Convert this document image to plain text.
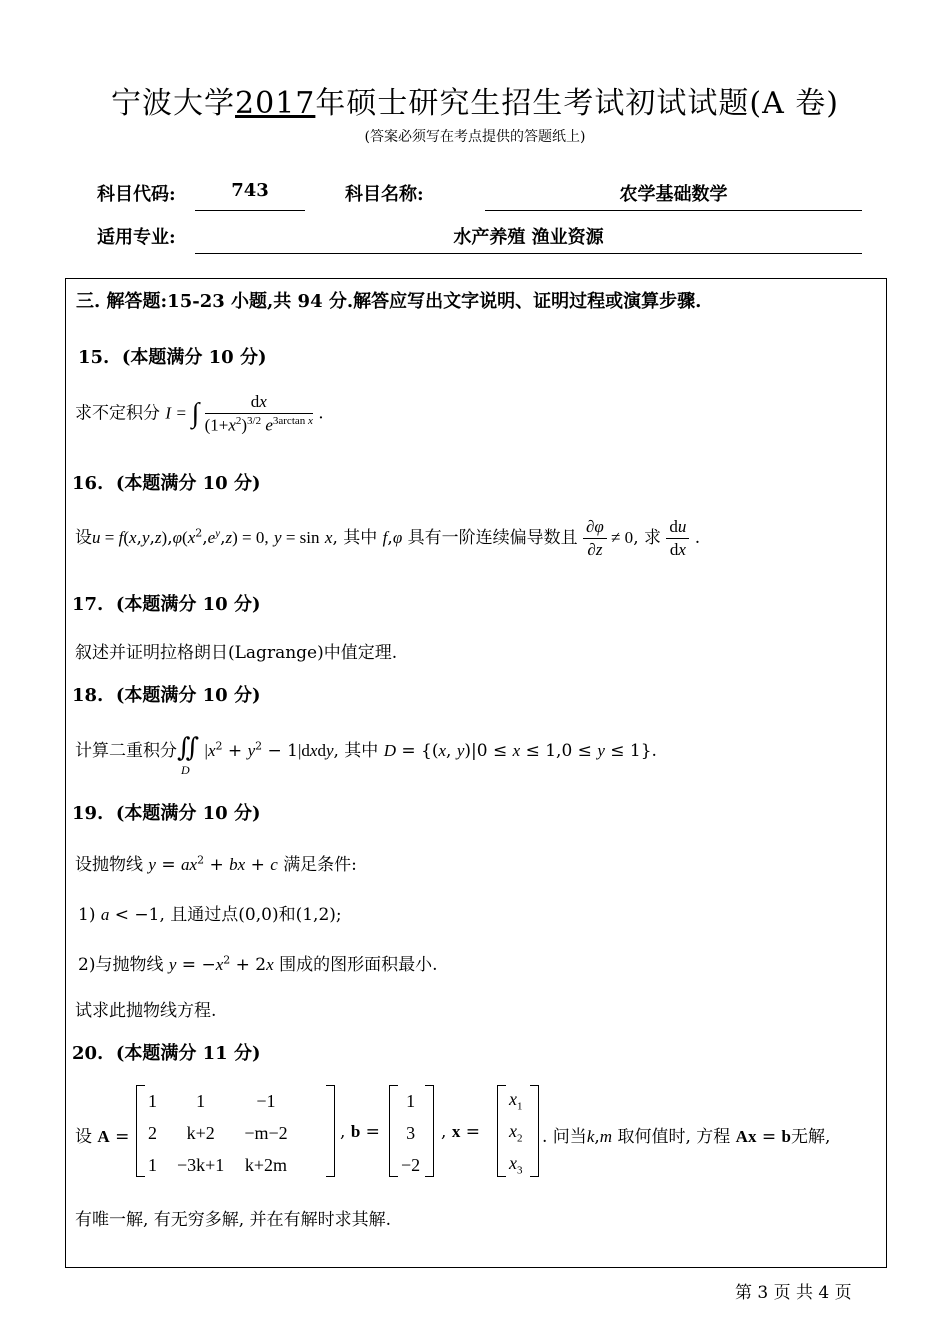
宁波大学2017年硕士研究生招生考试初试试题(A 卷)
(答案必须写在考点提供的答题纸上)
科目代码:	743	科目名称:	农学基础数学
适用专业:	水产养殖 渔业资源
三. 解答题:15-23 小题,共 94 分.解答应写出文字说明、证明过程或演算步骤.
15. (本题满分 10 分)
求不定积分 I = ∫ $\frac{dx}{(1+x^2)^{3/2} e^{3arctan x}}$ .
16. (本题满分 10 分)
设$u = f(x,y,z),\varphi(x^2,e^y,z) = 0$, y = sin x, 其中 f,φ 具有一阶连续偏导数且 $\frac{\partial\varphi}{\partial z} \ne 0$, 求 $\frac{du}{dx}$ .
17. (本题满分 10 分)
叙述并证明拉格朗日(Lagrange)中值定理.
18. (本题满分 10 分)
计算二重积分∬
D
$|x^2 + y^2$ − 1|dxdy, 其中 D = {(x, y)|0 ≤ x ≤ 1,0 ≤ y ≤ 1}.
19. (本题满分 10 分)
设抛物线 $y = ax^2$ + bx + c 满足条件:
1) a < −1, 且通过点(0,0)和(1,2);
2)与抛物线 $y = -x^2 + 2x$ 围成的图形面积最小.
试求此抛物线方程.
20. (本题满分 11 分)
设 A =
1	1	−1
2	k+2	−m−2
1	−3k+1	k+2m
, b =
1
3
−2
, x =
$x_1$
$x_2$
$x_3$
. 问当k,m 取何值时, 方程 Ax = b无解,
有唯一解, 有无穷多解, 并在有解时求其解.
第 3 页 共 4 页
